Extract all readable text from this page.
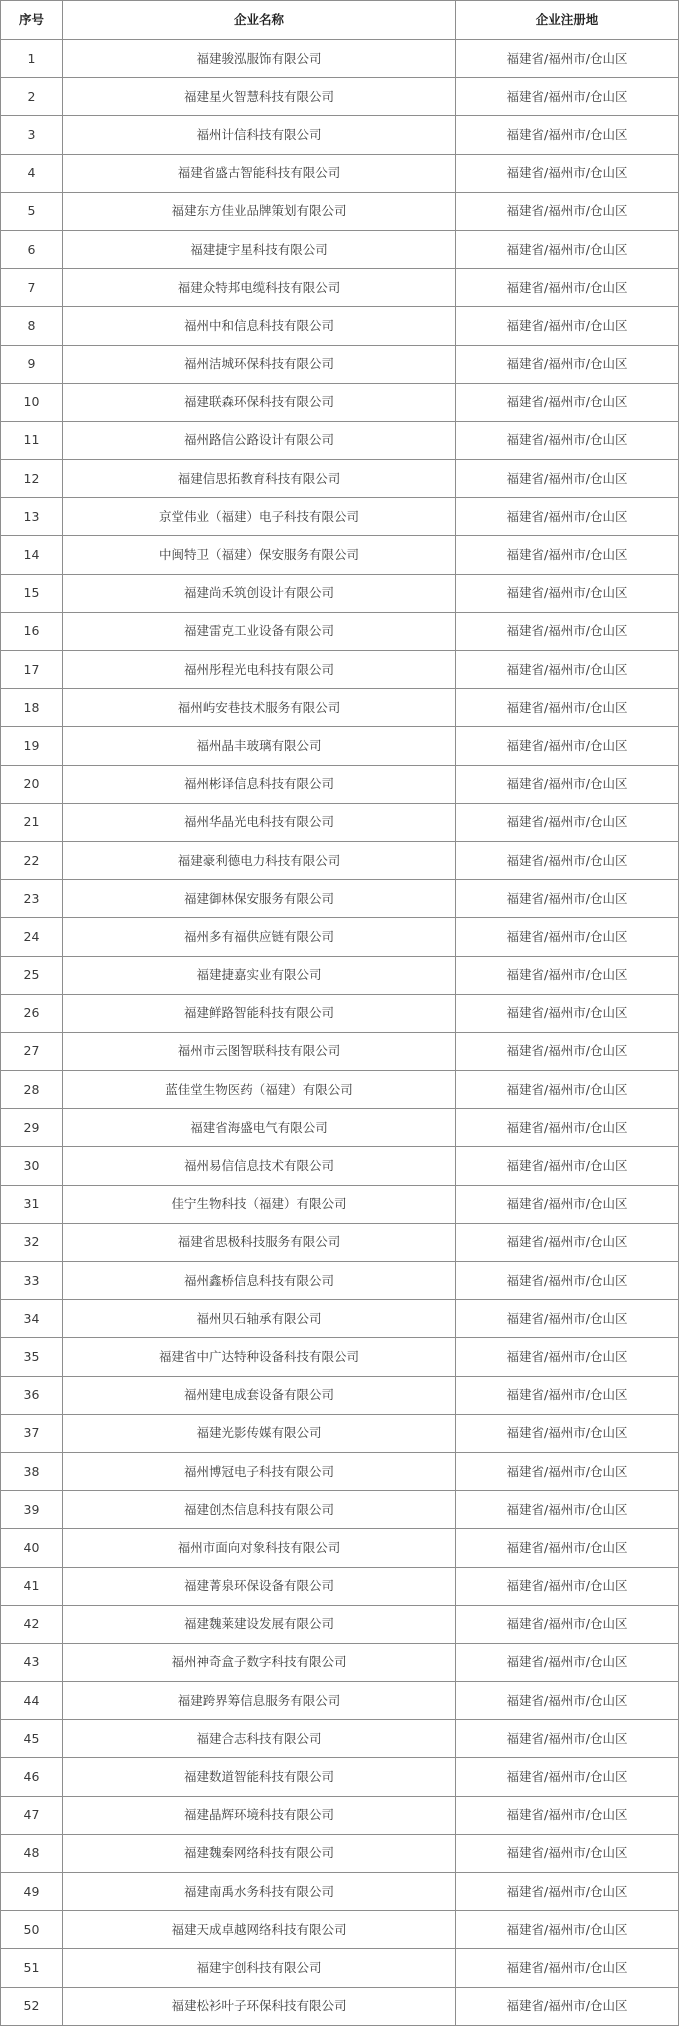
序号	企业名称	企业注册地
1	福建骏泓服饰有限公司	福建省/福州市/仓山区
2	福建星火智慧科技有限公司	福建省/福州市/仓山区
3	福州计信科技有限公司	福建省/福州市/仓山区
4	福建省盛古智能科技有限公司	福建省/福州市/仓山区
5	福建东方佳业品牌策划有限公司	福建省/福州市/仓山区
6	福建捷宇星科技有限公司	福建省/福州市/仓山区
7	福建众特邦电缆科技有限公司	福建省/福州市/仓山区
8	福州中和信息科技有限公司	福建省/福州市/仓山区
9	福州洁城环保科技有限公司	福建省/福州市/仓山区
10	福建联森环保科技有限公司	福建省/福州市/仓山区
11	福州路信公路设计有限公司	福建省/福州市/仓山区
12	福建信思拓教育科技有限公司	福建省/福州市/仓山区
13	京堂伟业（福建）电子科技有限公司	福建省/福州市/仓山区
14	中闽特卫（福建）保安服务有限公司	福建省/福州市/仓山区
15	福建尚禾筑创设计有限公司	福建省/福州市/仓山区
16	福建雷克工业设备有限公司	福建省/福州市/仓山区
17	福州彤程光电科技有限公司	福建省/福州市/仓山区
18	福州屿安巷技术服务有限公司	福建省/福州市/仓山区
19	福州晶丰玻璃有限公司	福建省/福州市/仓山区
20	福州彬译信息科技有限公司	福建省/福州市/仓山区
21	福州华晶光电科技有限公司	福建省/福州市/仓山区
22	福建豪利德电力科技有限公司	福建省/福州市/仓山区
23	福建御林保安服务有限公司	福建省/福州市/仓山区
24	福州多有福供应链有限公司	福建省/福州市/仓山区
25	福建捷嘉实业有限公司	福建省/福州市/仓山区
26	福建鲜路智能科技有限公司	福建省/福州市/仓山区
27	福州市云图智联科技有限公司	福建省/福州市/仓山区
28	蓝佳堂生物医药（福建）有限公司	福建省/福州市/仓山区
29	福建省海盛电气有限公司	福建省/福州市/仓山区
30	福州易信信息技术有限公司	福建省/福州市/仓山区
31	佳宁生物科技（福建）有限公司	福建省/福州市/仓山区
32	福建省思极科技服务有限公司	福建省/福州市/仓山区
33	福州鑫桥信息科技有限公司	福建省/福州市/仓山区
34	福州贝石轴承有限公司	福建省/福州市/仓山区
35	福建省中广达特种设备科技有限公司	福建省/福州市/仓山区
36	福州建电成套设备有限公司	福建省/福州市/仓山区
37	福建光影传媒有限公司	福建省/福州市/仓山区
38	福州博冠电子科技有限公司	福建省/福州市/仓山区
39	福建创杰信息科技有限公司	福建省/福州市/仓山区
40	福州市面向对象科技有限公司	福建省/福州市/仓山区
41	福建菁泉环保设备有限公司	福建省/福州市/仓山区
42	福建魏莱建设发展有限公司	福建省/福州市/仓山区
43	福州神奇盒子数字科技有限公司	福建省/福州市/仓山区
44	福建跨界筹信息服务有限公司	福建省/福州市/仓山区
45	福建合志科技有限公司	福建省/福州市/仓山区
46	福建数道智能科技有限公司	福建省/福州市/仓山区
47	福建晶辉环境科技有限公司	福建省/福州市/仓山区
48	福建魏秦网络科技有限公司	福建省/福州市/仓山区
49	福建南禹水务科技有限公司	福建省/福州市/仓山区
50	福建天成卓越网络科技有限公司	福建省/福州市/仓山区
51	福建宇创科技有限公司	福建省/福州市/仓山区
52	福建松衫叶子环保科技有限公司	福建省/福州市/仓山区
